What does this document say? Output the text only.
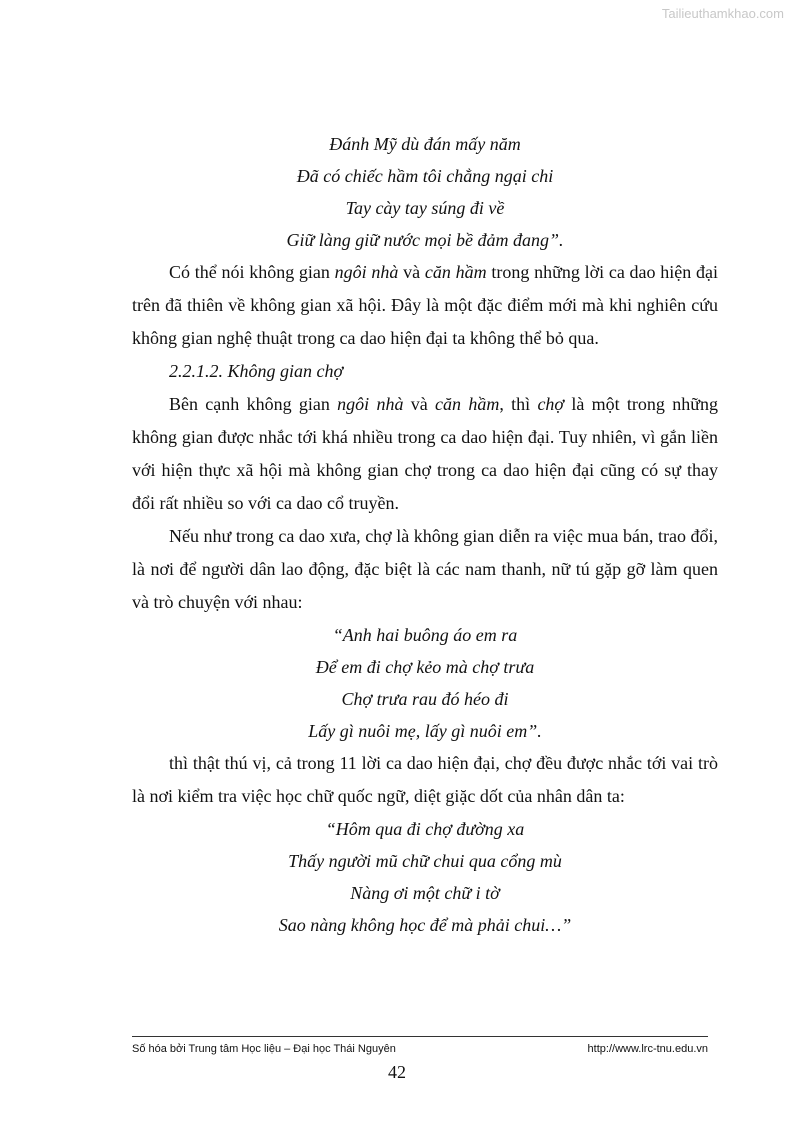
Tailieuthamkhao.com
Đánh Mỹ dù đán mấy năm
Đã có chiếc hầm tôi chẳng ngại chi
Tay cày tay súng đi về
Giữ làng giữ nước mọi bề đảm đang”.

Có thể nói không gian ngôi nhà và căn hầm trong những lời ca dao hiện đại trên đã thiên về không gian xã hội. Đây là một đặc điểm mới mà khi nghiên cứu không gian nghệ thuật trong ca dao hiện đại ta không thể bỏ qua.

2.2.1.2. Không gian chợ

Bên cạnh không gian ngôi nhà và căn hầm, thì chợ là một trong những không gian được nhắc tới khá nhiều trong ca dao hiện đại. Tuy nhiên, vì gắn liền với hiện thực xã hội mà không gian chợ trong ca dao hiện đại cũng có sự thay đổi rất nhiều so với ca dao cổ truyền.

Nếu như trong ca dao xưa, chợ là không gian diễn ra việc mua bán, trao đổi, là nơi để người dân lao động, đặc biệt là các nam thanh, nữ tú gặp gỡ làm quen và trò chuyện với nhau:

“Anh hai buông áo em ra
Để em đi chợ kẻo mà chợ trưa
Chợ trưa rau đó héo đi
Lấy gì nuôi mẹ, lấy gì nuôi em”.

thì thật thú vị, cả trong 11 lời ca dao hiện đại, chợ đều được nhắc tới vai trò là nơi kiểm tra việc học chữ quốc ngữ, diệt giặc dốt của nhân dân ta:

“Hôm qua đi chợ đường xa
Thấy người mũ chữ chui qua cổng mù
Nàng ơi một chữ i tờ
Sao nàng không học để mà phải chui…”
Số hóa bởi Trung tâm Học liệu – Đại học Thái Nguyên	http://www.lrc-tnu.edu.vn
42
